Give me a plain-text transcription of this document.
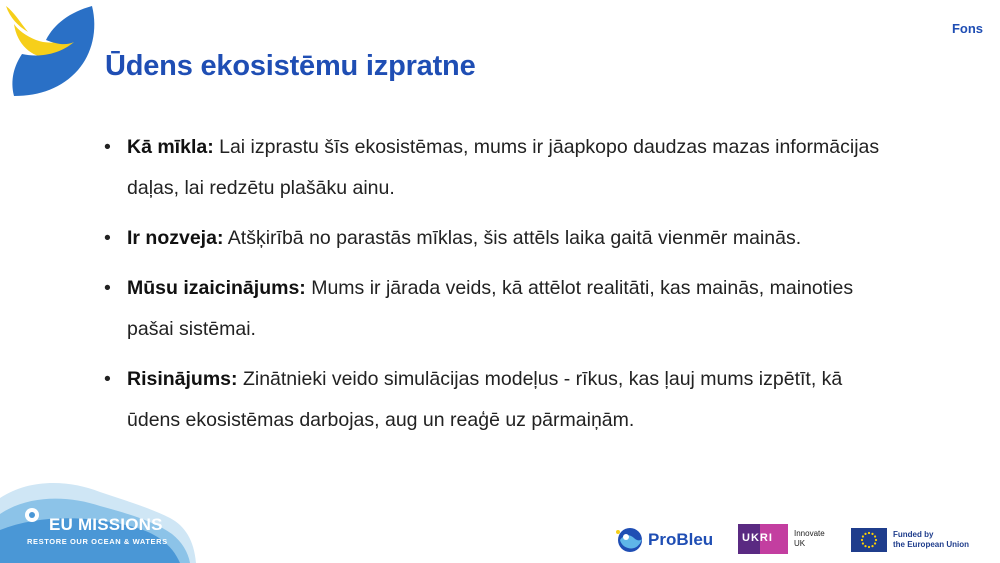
Fons
Ūdens ekosistēmu izpratne
• Kā mīkla: Lai izprastu šīs ekosistēmas, mums ir jāapkopo daudzas mazas informācijas daļas, lai redzētu plašāku ainu.
• Ir nozveja: Atšķirībā no parastās mīklas, šis attēls laika gaitā vienmēr mainās.
• Mūsu izaicinājums: Mums ir jārada veids, kā attēlot realitāti, kas mainās, mainoties pašai sistēmai.
• Risinājums: Zinātnieki veido simulācijas modeļus - rīkus, kas ļauj mums izpētīt, kā ūdens ekosistēmas darbojas, aug un reaģē uz pārmaiņām.
EU MISSIONS
RESTORE OUR OCEAN & WATERS	ProBleu	UKRI	Innovate
UK
Funded by
the European Union
